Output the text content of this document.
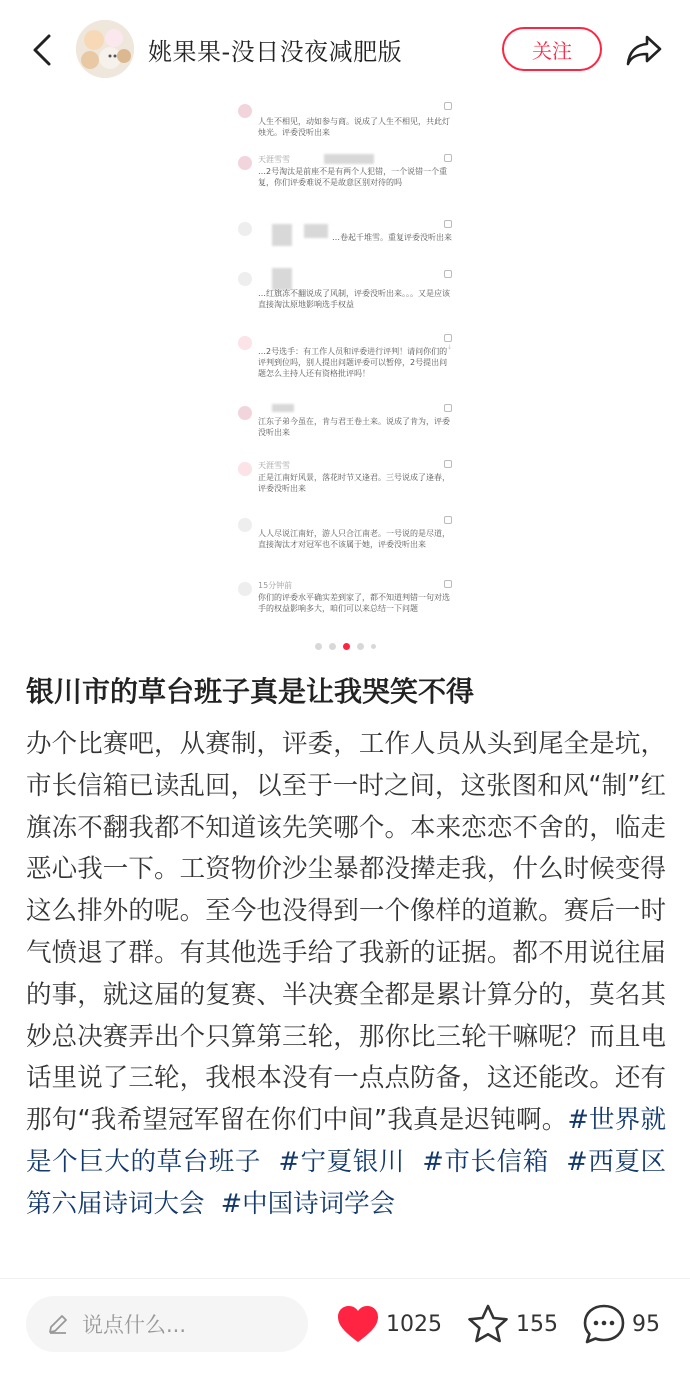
姚果果-没日没夜减肥版	关注
人生不相见，动如参与商。说成了人生不相见，共此灯烛光。评委没听出来
天涯雪雪
…2号淘汰是前座不是有两个人犯错，一个说错一个重复，你们评委难说不是故意区别对待的吗
…卷起千堆雪。重复评委没听出来
…红旗冻不翻说成了风制，评委没听出来。。。又是应该直接淘汰原地影响选手权益
↓
…2号选手：有工作人员和评委进行评判！请问你们的评判到位吗，别人提出问题评委可以暂停，2号提出问题怎么主持人还有资格批评吗！
江东子弟今虽在，肯与君王卷土来。说成了肯为，评委没听出来
天涯雪雪
正是江南好风景，落花时节又逢君。三号说成了逢春，评委没听出来
人人尽说江南好，游人只合江南老。一号说的是尽道，直接淘汰才对冠军也不该属于她，评委没听出来
15分钟前
你们的评委水平确实差到家了，都不知道判错一句对选手的权益影响多大，咱们可以来总结一下问题
银川市的草台班子真是让我哭笑不得
办个比赛吧，从赛制，评委，工作人员从头到尾全是坑，市长信箱已读乱回，以至于一时之间，这张图和风“制”红旗冻不翻我都不知道该先笑哪个。本来恋恋不舍的，临走恶心我一下。工资物价沙尘暴都没撵走我，什么时候变得这么排外的呢。至今也没得到一个像样的道歉。赛后一时气愤退了群。有其他选手给了我新的证据。都不用说往届的事，就这届的复赛、半决赛全都是累计算分的，莫名其妙总决赛弄出个只算第三轮，那你比三轮干嘛呢？而且电话里说了三轮，我根本没有一点点防备，这还能改。还有那句“我希望冠军留在你们中间”我真是迟钝啊。#世界就是个巨大的草台班子 #宁夏银川 #市长信箱 #西夏区第六届诗词大会 #中国诗词学会
说点什么...	1025	155	95
